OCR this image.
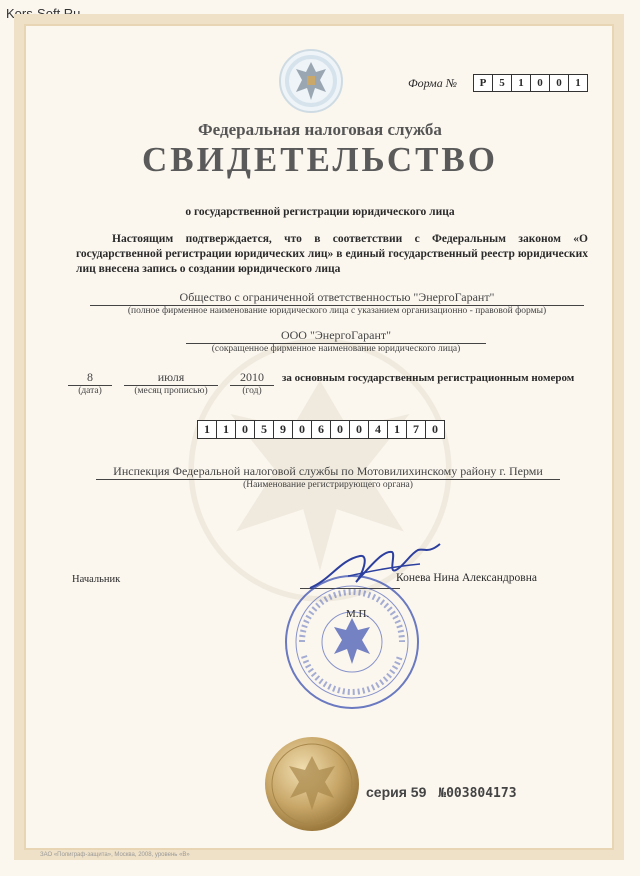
Kors-Soft.Ru
Форма №	Р	5	1	0	0	1
Федеральная налоговая служба
СВИДЕТЕЛЬСТВО
о государственной регистрации юридического лица
Настоящим подтверждается, что в соответствии с Федеральным законом «О государственной регистрации юридических лиц» в единый государственный реестр юридических лиц внесена запись о создании юридического лица
Общество с ограниченной ответственностью "ЭнергоГарант"
(полное фирменное наименование юридического лица с указанием организационно - правовой формы)
ООО "ЭнергоГарант"
(сокращенное фирменное наименование юридического лица)
8
(дата)
июля
(месяц прописью)
2010
(год)
за основным государственным регистрационным номером
1	1	0	5	9	0	6	0	0	4	1	7	0
Инспекция Федеральной налоговой службы по Мотовилихинскому району г. Перми
(Наименование регистрирующего органа)
Начальник	Конева Нина Александровна
М.П.
серия 59 №003804173
ЗАО «Полиграф-защита», Москва, 2008, уровень «В»
